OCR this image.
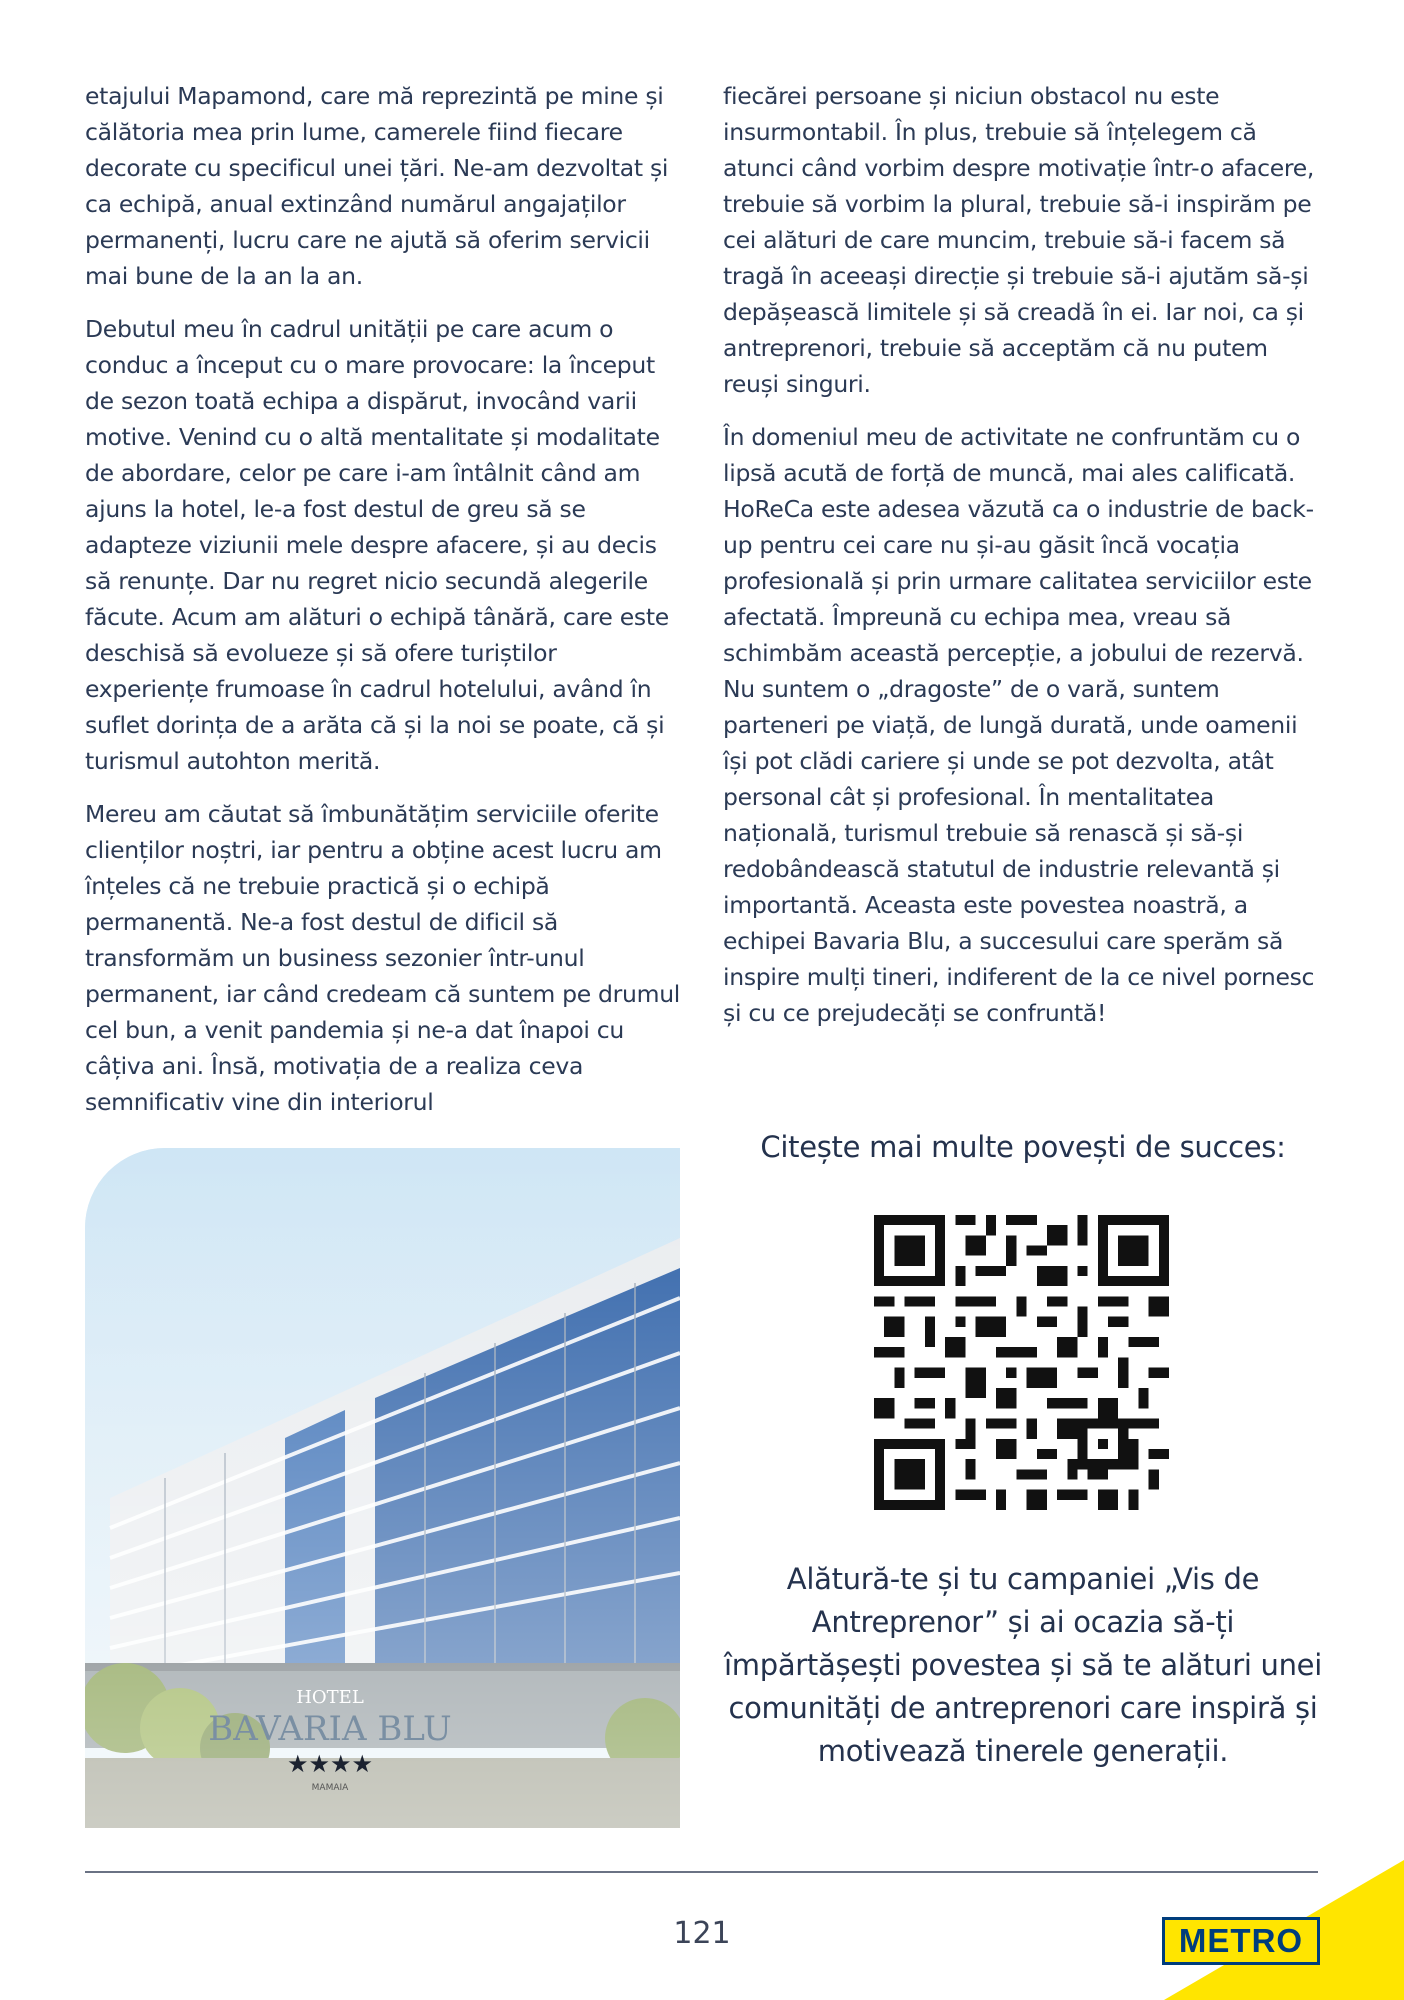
etajului Mapamond, care mă reprezintă pe mine și călătoria mea prin lume, camerele fiind fiecare decorate cu specificul unei țări. Ne-am dezvoltat și ca echipă, anual extinzând numărul angajaților permanenți, lucru care ne ajută să oferim servicii mai bune de la an la an.

Debutul meu în cadrul unității pe care acum o conduc a început cu o mare provocare: la început de sezon toată echipa a dispărut, invocând varii motive. Venind cu o altă mentalitate și modalitate de abordare, celor pe care i-am întâlnit când am ajuns la hotel, le-a fost destul de greu să se adapteze viziunii mele despre afacere, și au decis să renunțe. Dar nu regret nicio secundă alegerile făcute. Acum am alături o echipă tânără, care este deschisă să evolueze și să ofere turiștilor experiențe frumoase în cadrul hotelului, având în suflet dorința de a arăta că și la noi se poate, că și turismul autohton merită.

Mereu am căutat să îmbunătățim serviciile oferite clienților noștri, iar pentru a obține acest lucru am înțeles că ne trebuie practică și o echipă permanentă. Ne-a fost destul de dificil să transformăm un business sezonier într-unul permanent, iar când credeam că suntem pe drumul cel bun, a venit pandemia și ne-a dat înapoi cu câțiva ani. Însă, motivația de a realiza ceva semnificativ vine din interiorul

fiecărei persoane și niciun obstacol nu este insurmontabil. În plus, trebuie să înțelegem că atunci când vorbim despre motivație într-o afacere, trebuie să vorbim la plural, trebuie să-i inspirăm pe cei alături de care muncim, trebuie să-i facem să tragă în aceeași direcție și trebuie să-i ajutăm să-și depășească limitele și să creadă în ei. Iar noi, ca și antreprenori, trebuie să acceptăm că nu putem reuși singuri.

În domeniul meu de activitate ne confruntăm cu o lipsă acută de forță de muncă, mai ales calificată. HoReCa este adesea văzută ca o industrie de back-up pentru cei care nu și-au găsit încă vocația profesională și prin urmare calitatea serviciilor este afectată. Împreună cu echipa mea, vreau să schimbăm această percepție, a jobului de rezervă. Nu suntem o „dragoste” de o vară, suntem parteneri pe viață, de lungă durată, unde oamenii își pot clădi cariere și unde se pot dezvolta, atât personal cât și profesional. În mentalitatea națională, turismul trebuie să renască și să-și redobândească statutul de industrie relevantă și importantă. Aceasta este povestea noastră, a echipei Bavaria Blu, a succesului care sperăm să inspire mulți tineri, indiferent de la ce nivel pornesc și cu ce prejudecăți se confruntă!

HOTEL
BAVARIA BLU
★★★★
MAMAIA
Citește mai multe povești de succes:
Alătură-te și tu campaniei „Vis de Antreprenor” și ai ocazia să-ți împărtășești povestea și să te alături unei comunități de antreprenori care inspiră și motivează tinerele generații.
121	METRO
